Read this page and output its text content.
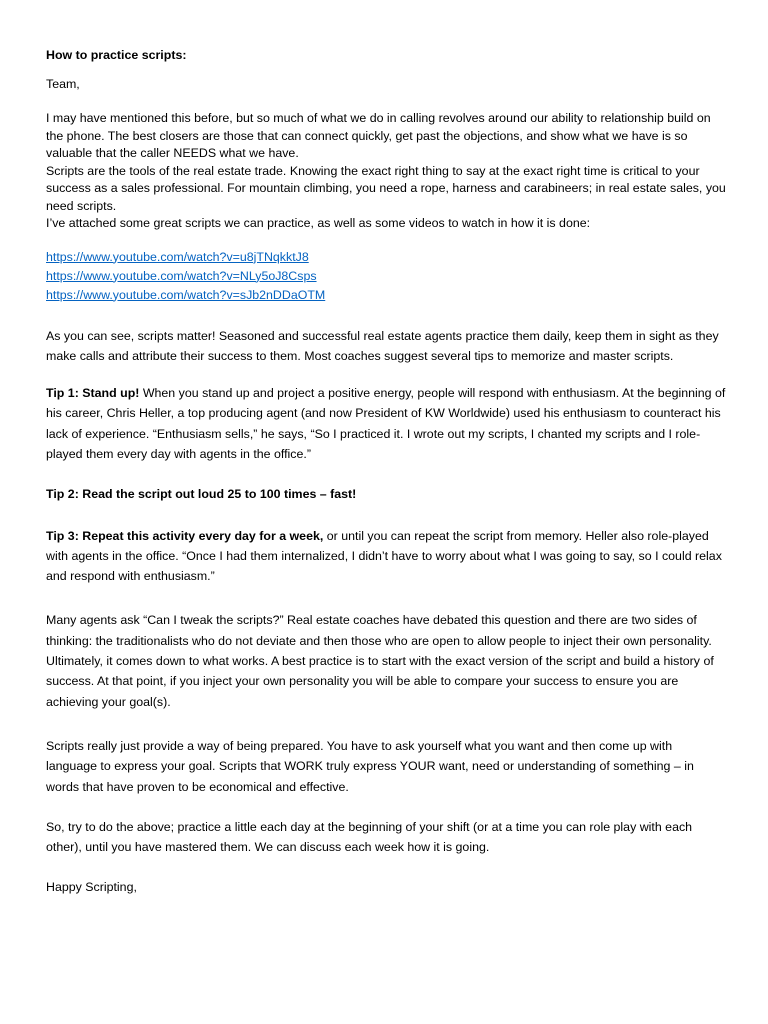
How to practice scripts:

Team,

I may have mentioned this before, but so much of what we do in calling revolves around our ability to relationship build on the phone. The best closers are those that can connect quickly, get past the objections, and show what we have is so valuable that the caller NEEDS what we have.

Scripts are the tools of the real estate trade. Knowing the exact right thing to say at the exact right time is critical to your success as a sales professional. For mountain climbing, you need a rope, harness and carabineers; in real estate sales, you need scripts.

I’ve attached some great scripts we can practice, as well as some videos to watch in how it is done:

https://www.youtube.com/watch?v=u8jTNqkktJ8
https://www.youtube.com/watch?v=NLy5oJ8Csps
https://www.youtube.com/watch?v=sJb2nDDaOTM

As you can see, scripts matter! Seasoned and successful real estate agents practice them daily, keep them in sight as they make calls and attribute their success to them. Most coaches suggest several tips to memorize and master scripts.

Tip 1: Stand up! When you stand up and project a positive energy, people will respond with enthusiasm. At the beginning of his career, Chris Heller, a top producing agent (and now President of KW Worldwide) used his enthusiasm to counteract his lack of experience. “Enthusiasm sells,” he says, “So I practiced it. I wrote out my scripts, I chanted my scripts and I role-played them every day with agents in the office.”

Tip 2: Read the script out loud 25 to 100 times – fast!

Tip 3: Repeat this activity every day for a week, or until you can repeat the script from memory. Heller also role-played with agents in the office. “Once I had them internalized, I didn’t have to worry about what I was going to say, so I could relax and respond with enthusiasm.”

Many agents ask “Can I tweak the scripts?” Real estate coaches have debated this question and there are two sides of thinking: the traditionalists who do not deviate and then those who are open to allow people to inject their own personality. Ultimately, it comes down to what works. A best practice is to start with the exact version of the script and build a history of success. At that point, if you inject your own personality you will be able to compare your success to ensure you are achieving your goal(s).

Scripts really just provide a way of being prepared. You have to ask yourself what you want and then come up with language to express your goal. Scripts that WORK truly express YOUR want, need or understanding of something – in words that have proven to be economical and effective.

So, try to do the above; practice a little each day at the beginning of your shift (or at a time you can role play with each other), until you have mastered them. We can discuss each week how it is going.

Happy Scripting,
